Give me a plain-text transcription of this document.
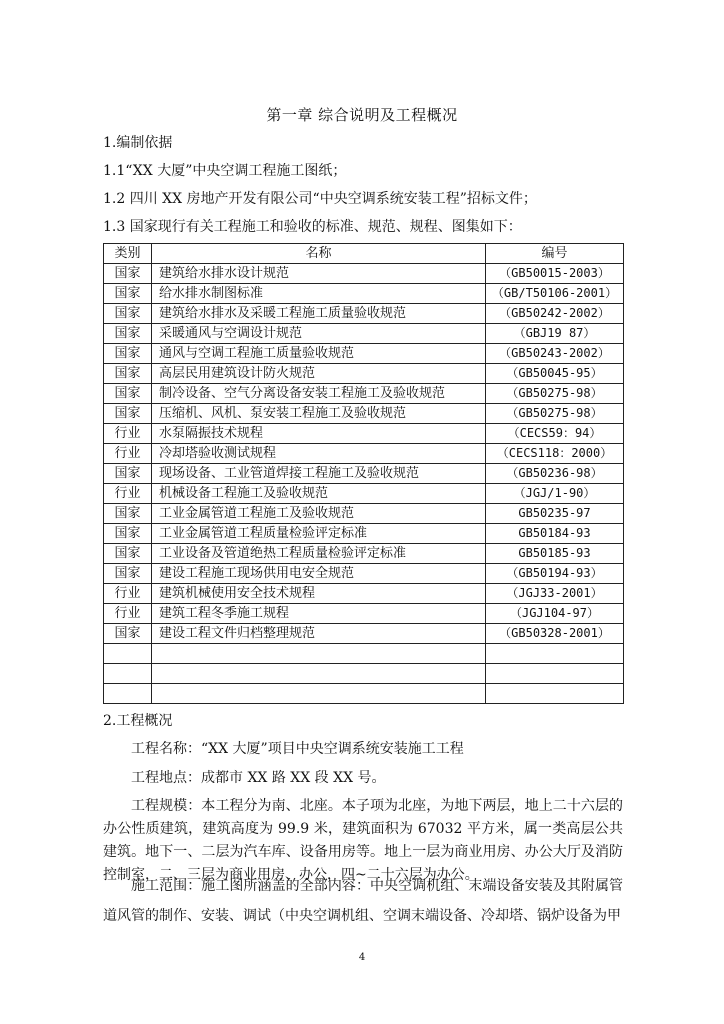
第一章 综合说明及工程概况
1.编制依据
1.1“XX 大厦”中央空调工程施工图纸；
1.2 四川 XX 房地产开发有限公司“中央空调系统安装工程”招标文件；
1.3 国家现行有关工程施工和验收的标准、规范、规程、图集如下：
类别	名称	编号
国家	建筑给水排水设计规范	（GB50015-2003）
国家	给水排水制图标准	（GB/T50106-2001）
国家	建筑给水排水及采暖工程施工质量验收规范	（GB50242-2002）
国家	采暖通风与空调设计规范	（GBJ19 87）
国家	通风与空调工程施工质量验收规范	（GB50243-2002）
国家	高层民用建筑设计防火规范	（GB50045-95）
国家	制冷设备、空气分离设备安装工程施工及验收规范	（GB50275-98）
国家	压缩机、风机、泵安装工程施工及验收规范	（GB50275-98）
行业	水泵隔振技术规程	（CECS59：94）
行业	冷却塔验收测试规程	（CECS118：2000）
国家	现场设备、工业管道焊接工程施工及验收规范	（GB50236-98）
行业	机械设备工程施工及验收规范	（JGJ/1-90）
国家	工业金属管道工程施工及验收规范	GB50235-97
国家	工业金属管道工程质量检验评定标准	GB50184-93
国家	工业设备及管道绝热工程质量检验评定标准	GB50185-93
国家	建设工程施工现场供用电安全规范	（GB50194-93）
行业	建筑机械使用安全技术规程	（JGJ33-2001）
行业	建筑工程冬季施工规程	（JGJ104-97）
国家	建设工程文件归档整理规范	（GB50328-2001）

2.工程概况
工程名称：“XX 大厦”项目中央空调系统安装施工工程
工程地点：成都市 XX 路 XX 段 XX 号。
工程规模：本工程分为南、北座。本子项为北座，为地下两层，地上二十六层的办公性质建筑，建筑高度为 99.9 米，建筑面积为 67032 平方米，属一类高层公共建筑。地下一、二层为汽车库、设备用房等。地上一层为商业用房、办公大厅及消防控制室，二、三层为商业用房、办公，四~二十六层为办公。
施工范围：施工图所涵盖的全部内容：中央空调机组、末端设备安装及其附属管道风管的制作、安装、调试（中央空调机组、空调末端设备、冷却塔、锅炉设备为甲
4
